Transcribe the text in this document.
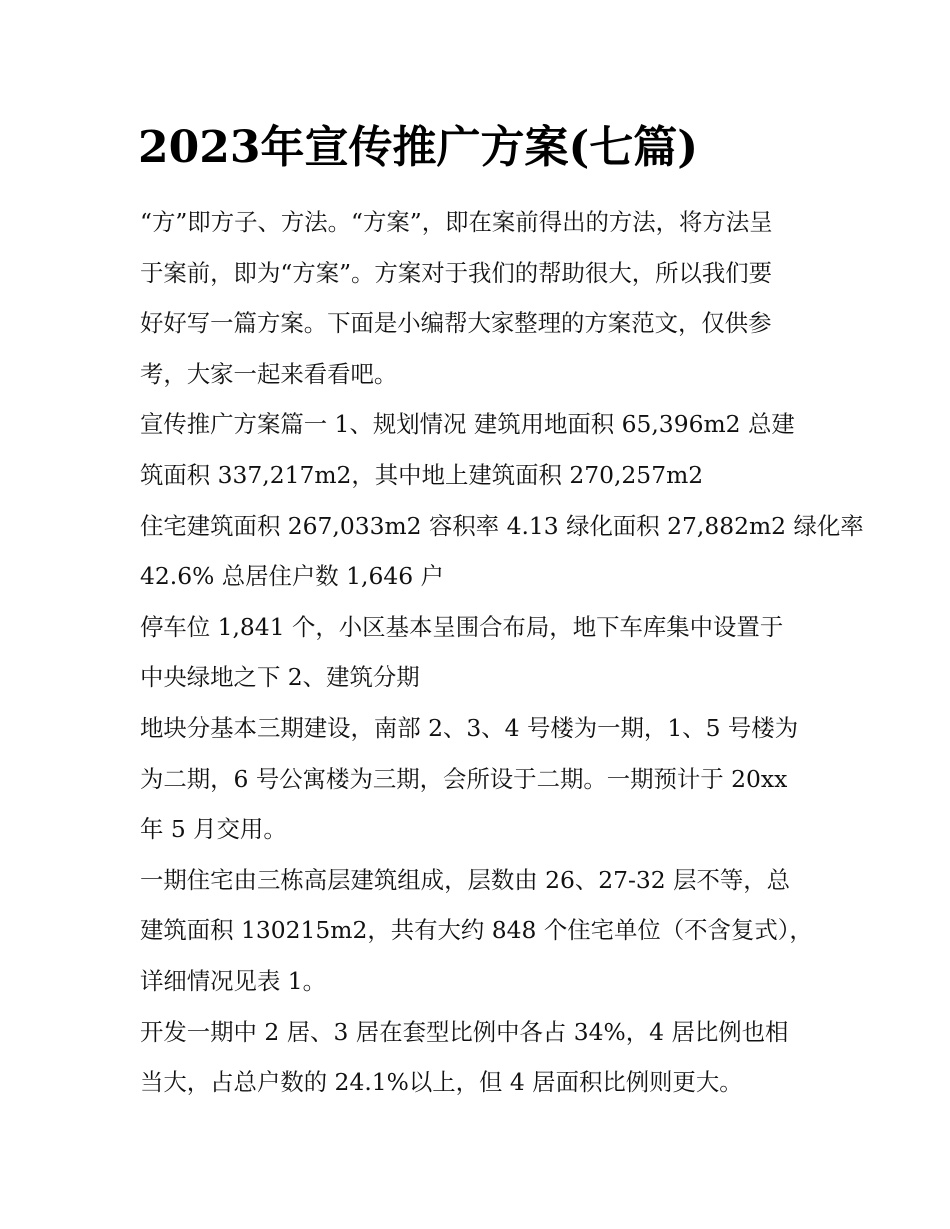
2023年宣传推广方案(七篇)
“方”即方子、方法。“方案”，即在案前得出的方法，将方法呈
于案前，即为“方案”。方案对于我们的帮助很大，所以我们要
好好写一篇方案。下面是小编帮大家整理的方案范文，仅供参
考，大家一起来看看吧。
宣传推广方案篇一 1、规划情况 建筑用地面积 65,396m2 总建
筑面积 337,217m2，其中地上建筑面积 270,257m2
住宅建筑面积 267,033m2 容积率 4.13 绿化面积 27,882m2 绿化率
42.6% 总居住户数 1,646 户
停车位 1,841 个，小区基本呈围合布局，地下车库集中设置于
中央绿地之下 2、建筑分期
地块分基本三期建设，南部 2、3、4 号楼为一期，1、5 号楼为
为二期，6 号公寓楼为三期，会所设于二期。一期预计于 20xx
年 5 月交用。
一期住宅由三栋高层建筑组成，层数由 26、27-32 层不等，总
建筑面积 130215m2，共有大约 848 个住宅单位（不含复式），
详细情况见表 1。
开发一期中 2 居、3 居在套型比例中各占 34%，4 居比例也相
当大，占总户数的 24.1%以上，但 4 居面积比例则更大。
